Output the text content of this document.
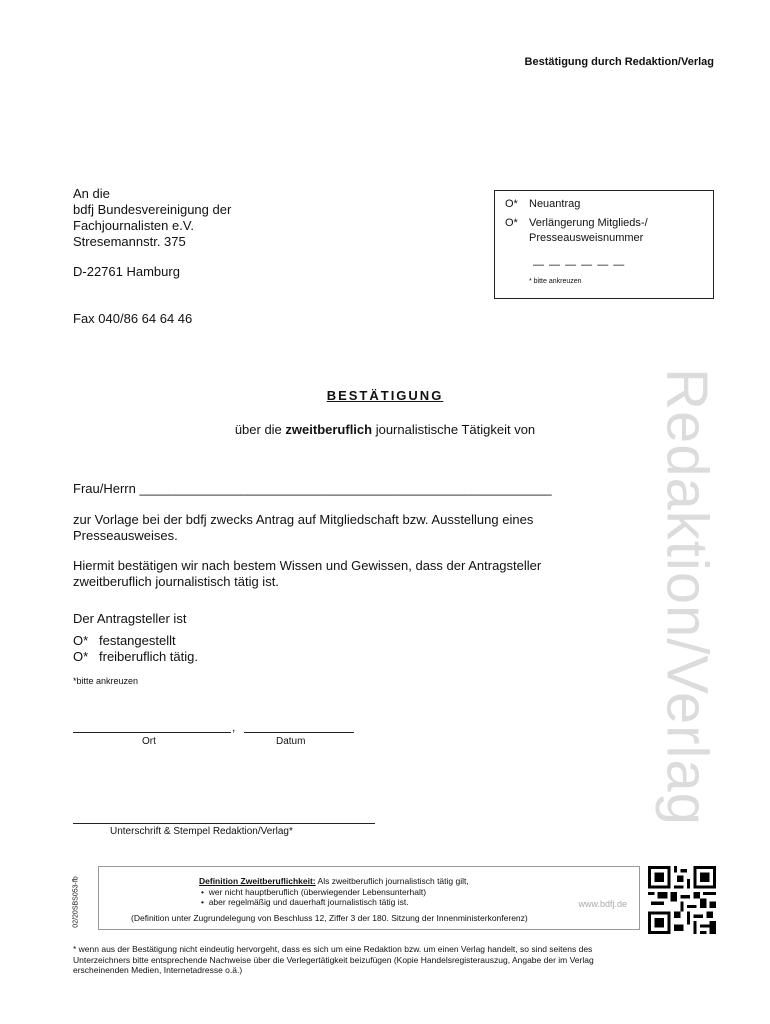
Bestätigung durch Redaktion/Verlag
An die
bdfj Bundesvereinigung der
Fachjournalisten e.V.
Stresemannstr. 375
D-22761 Hamburg
Fax 040/86 64 64 46
O* Neuantrag
O* Verlängerung Mitglieds-/
Presseausweisnummer
— — — — — —
* bitte ankreuzen
Redaktion/Verlag
BESTÄTIGUNG
über die zweitberuflich journalistische Tätigkeit von
Frau/Herrn _________________________________________________________
zur Vorlage bei der bdfj zwecks Antrag auf Mitgliedschaft bzw. Ausstellung eines
Presseausweises.
Hiermit bestätigen wir nach bestem Wissen und Gewissen, dass der Antragsteller
zweitberuflich journalistisch tätig ist.
Der Antragsteller ist
O* festangestellt
O* freiberuflich tätig.
*bitte ankreuzen
,
Ort	Datum
Unterschrift & Stempel Redaktion/Verlag*
02/20SBS053-fb	Definition Zweitberuflichkeit: Als zweitberuflich journalistisch tätig gilt,
•  wer nicht hauptberuflich (überwiegender Lebensunterhalt)
•  aber regelmäßig und dauerhaft journalistisch tätig ist.	www.bdfj.de
(Definition unter Zugrundelegung von Beschluss 12, Ziffer 3 der 180. Sitzung der Innenministerkonferenz)
* wenn aus der Bestätigung nicht eindeutig hervorgeht, dass es sich um eine Redaktion bzw. um einen Verlag handelt, so sind seitens des
Unterzeichners bitte entsprechende Nachweise über die Verlegertätigkeit beizufügen (Kopie Handelsregisterauszug, Angabe der im Verlag
erscheinenden Medien, Internetadresse o.ä.)
